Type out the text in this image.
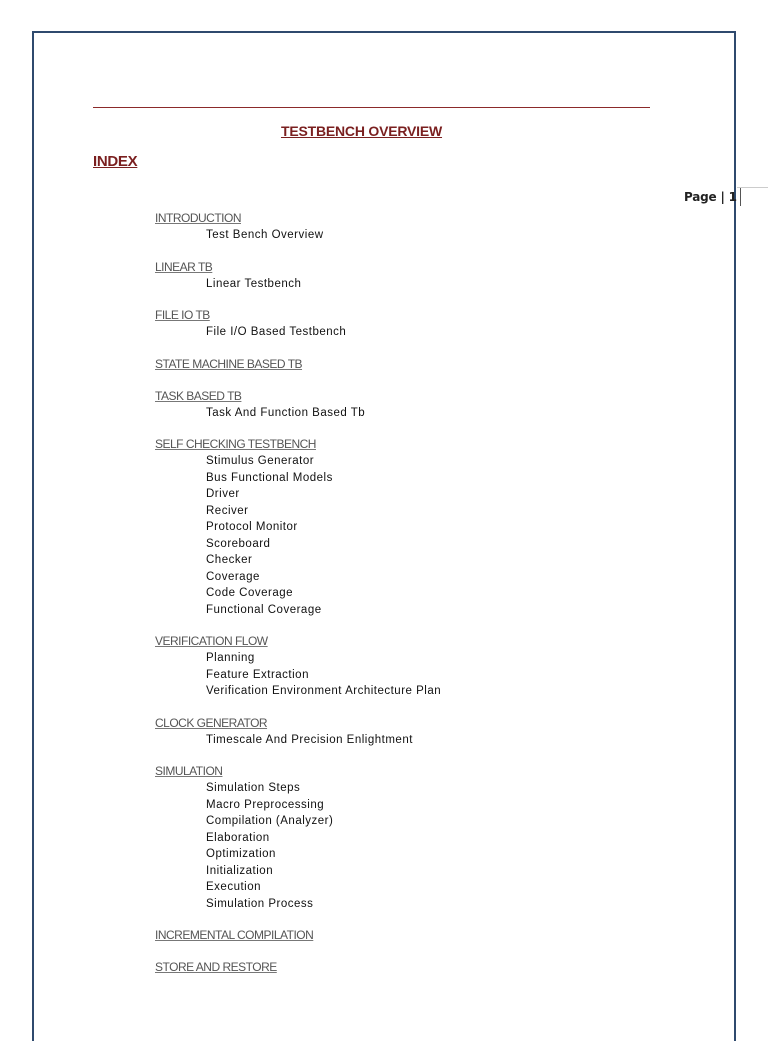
TESTBENCH OVERVIEW
INDEX
Page | 1
INTRODUCTION
Test Bench Overview
LINEAR TB
Linear Testbench
FILE IO TB
File I/O Based Testbench
STATE MACHINE BASED TB
TASK BASED TB
Task And Function Based Tb
SELF CHECKING TESTBENCH
Stimulus Generator
Bus Functional Models
Driver
Reciver
Protocol Monitor
Scoreboard
Checker
Coverage
Code Coverage
Functional Coverage
VERIFICATION FLOW
Planning
Feature Extraction
Verification Environment Architecture Plan
CLOCK GENERATOR
Timescale And Precision Enlightment
SIMULATION
Simulation Steps
Macro Preprocessing
Compilation (Analyzer)
Elaboration
Optimization
Initialization
Execution
Simulation Process
INCREMENTAL COMPILATION
STORE AND RESTORE
